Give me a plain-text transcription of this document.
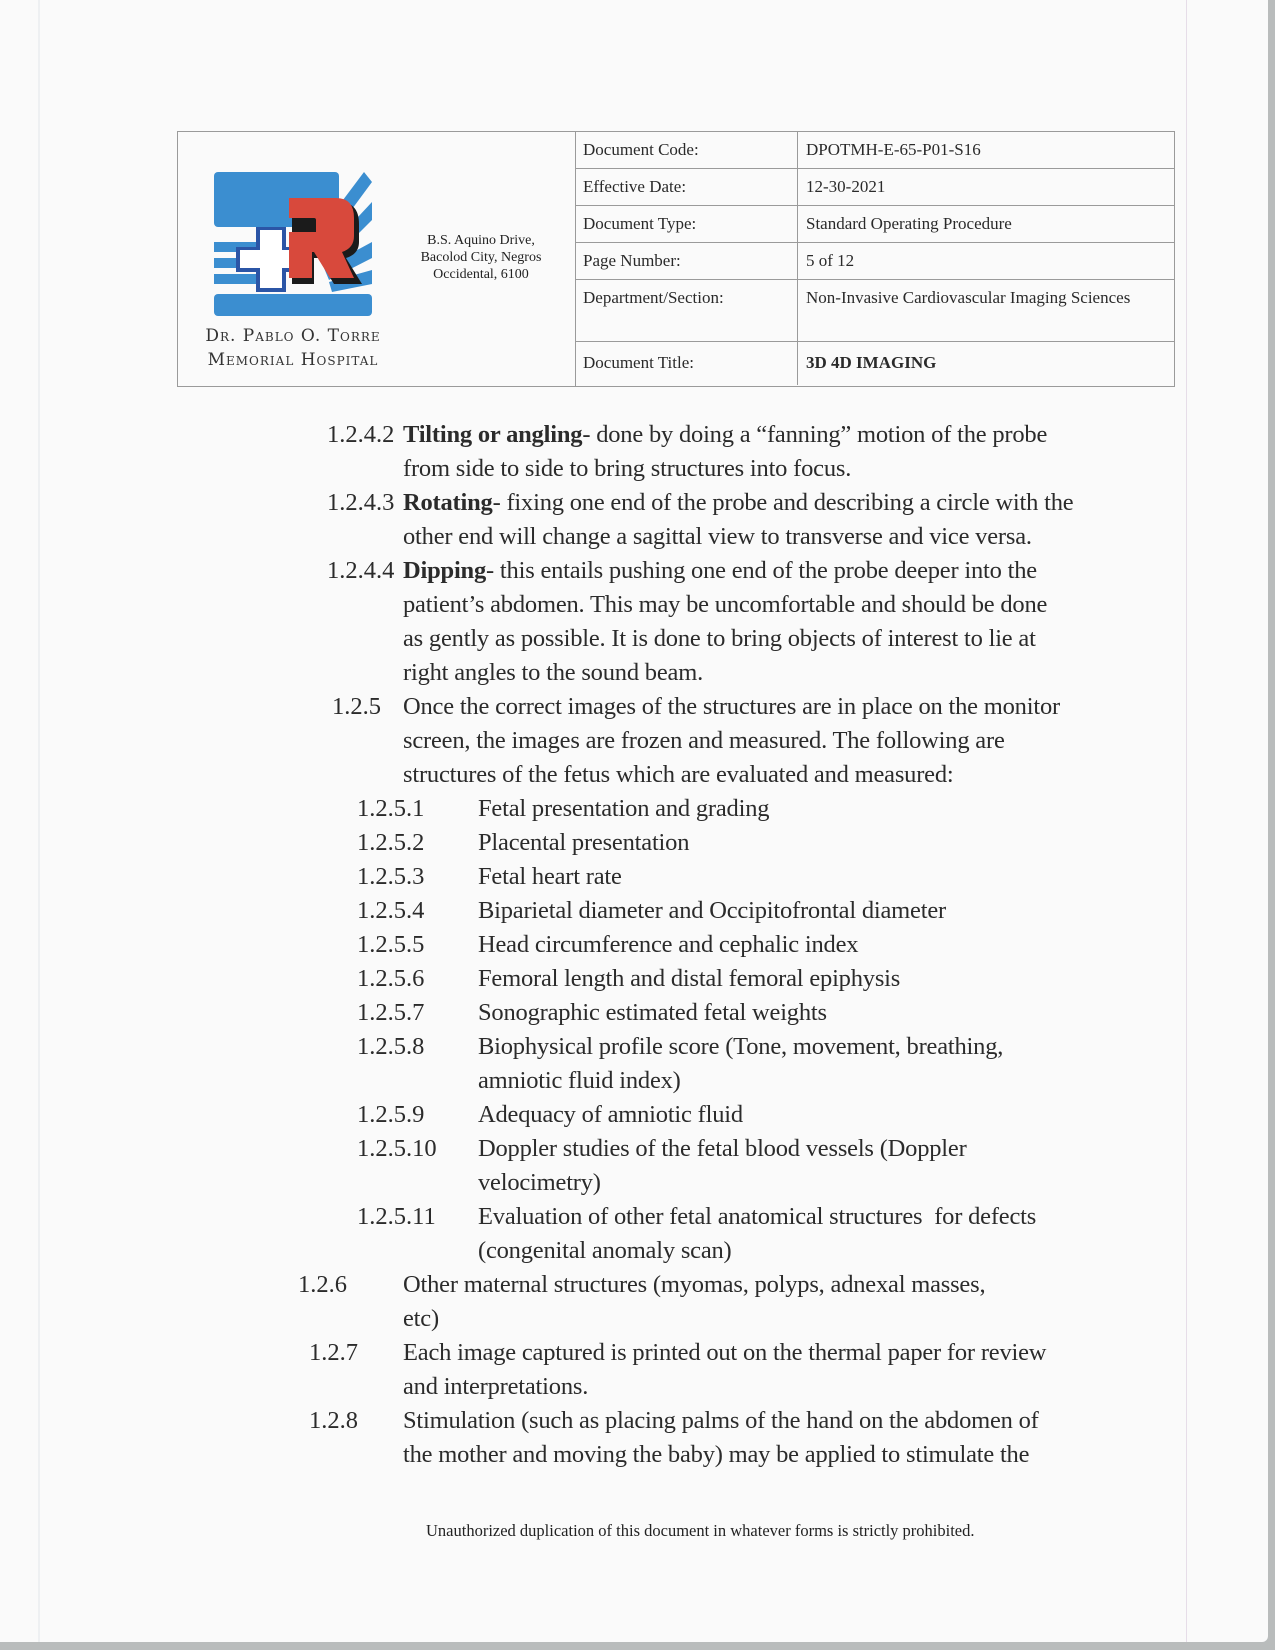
Dr. Pablo O. Torre
Memorial Hospital
B.S. Aquino Drive, Bacolod City, Negros Occidental, 6100
Document Code:	DPOTMH-E-65-P01-S16
Effective Date:	12-30-2021
Document Type:	Standard Operating Procedure
Page Number:	5 of 12
Department/Section:	Non-Invasive Cardiovascular Imaging Sciences
Document Title:	3D 4D IMAGING
1.2.4.2 Tilting or angling- done by doing a “fanning” motion of the probe
from side to side to bring structures into focus.
1.2.4.3 Rotating- fixing one end of the probe and describing a circle with the
other end will change a sagittal view to transverse and vice versa.
1.2.4.4 Dipping- this entails pushing one end of the probe deeper into the
patient’s abdomen. This may be uncomfortable and should be done
as gently as possible. It is done to bring objects of interest to lie at
right angles to the sound beam.
1.2.5 Once the correct images of the structures are in place on the monitor
screen, the images are frozen and measured. The following are
structures of the fetus which are evaluated and measured:
1.2.5.1 Fetal presentation and grading
1.2.5.2 Placental presentation
1.2.5.3 Fetal heart rate
1.2.5.4 Biparietal diameter and Occipitofrontal diameter
1.2.5.5 Head circumference and cephalic index
1.2.5.6 Femoral length and distal femoral epiphysis
1.2.5.7 Sonographic estimated fetal weights
1.2.5.8 Biophysical profile score (Tone, movement, breathing,
amniotic fluid index)
1.2.5.9 Adequacy of amniotic fluid
1.2.5.10 Doppler studies of the fetal blood vessels (Doppler
velocimetry)
1.2.5.11 Evaluation of other fetal anatomical structures  for defects
(congenital anomaly scan)
1.2.6 Other maternal structures (myomas, polyps, adnexal masses,
etc)
1.2.7 Each image captured is printed out on the thermal paper for review
and interpretations.
1.2.8 Stimulation (such as placing palms of the hand on the abdomen of
the mother and moving the baby) may be applied to stimulate the
Unauthorized duplication of this document in whatever forms is strictly prohibited.
